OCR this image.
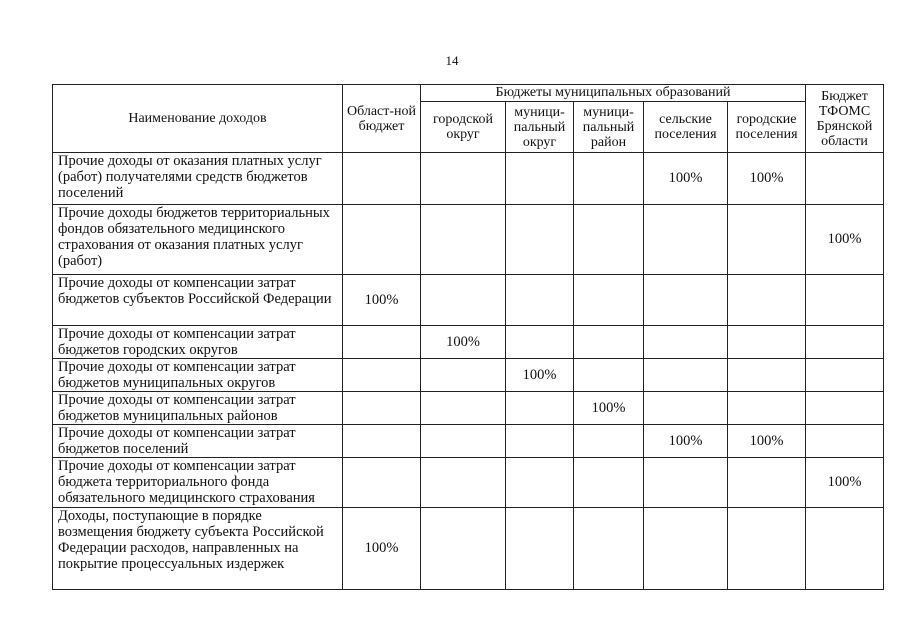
14
Наименование доходов	Област-ной бюджет	Бюджеты муниципальных образований					Бюджет ТФОМС Брянской области
		городской округ	муници-пальный округ	муници-пальный район	сельские поселения	городские поселения	
Прочие доходы от оказания платных услуг (работ) получателями средств бюджетов поселений					100%	100%	
Прочие доходы бюджетов территориальных фондов обязательного медицинского страхования от оказания платных услуг (работ)							100%
Прочие доходы от компенсации затрат бюджетов субъектов Российской Федерации	100%						
Прочие доходы от компенсации затрат бюджетов городских округов		100%					
Прочие доходы от компенсации затрат бюджетов муниципальных округов			100%				
Прочие доходы от компенсации затрат бюджетов муниципальных районов				100%			
Прочие доходы от компенсации затрат бюджетов поселений					100%	100%	
Прочие доходы от компенсации затрат бюджета территориального фонда обязательного медицинского страхования							100%
Доходы, поступающие в порядке возмещения бюджету субъекта Российской Федерации расходов, направленных на покрытие процессуальных издержек	100%						
